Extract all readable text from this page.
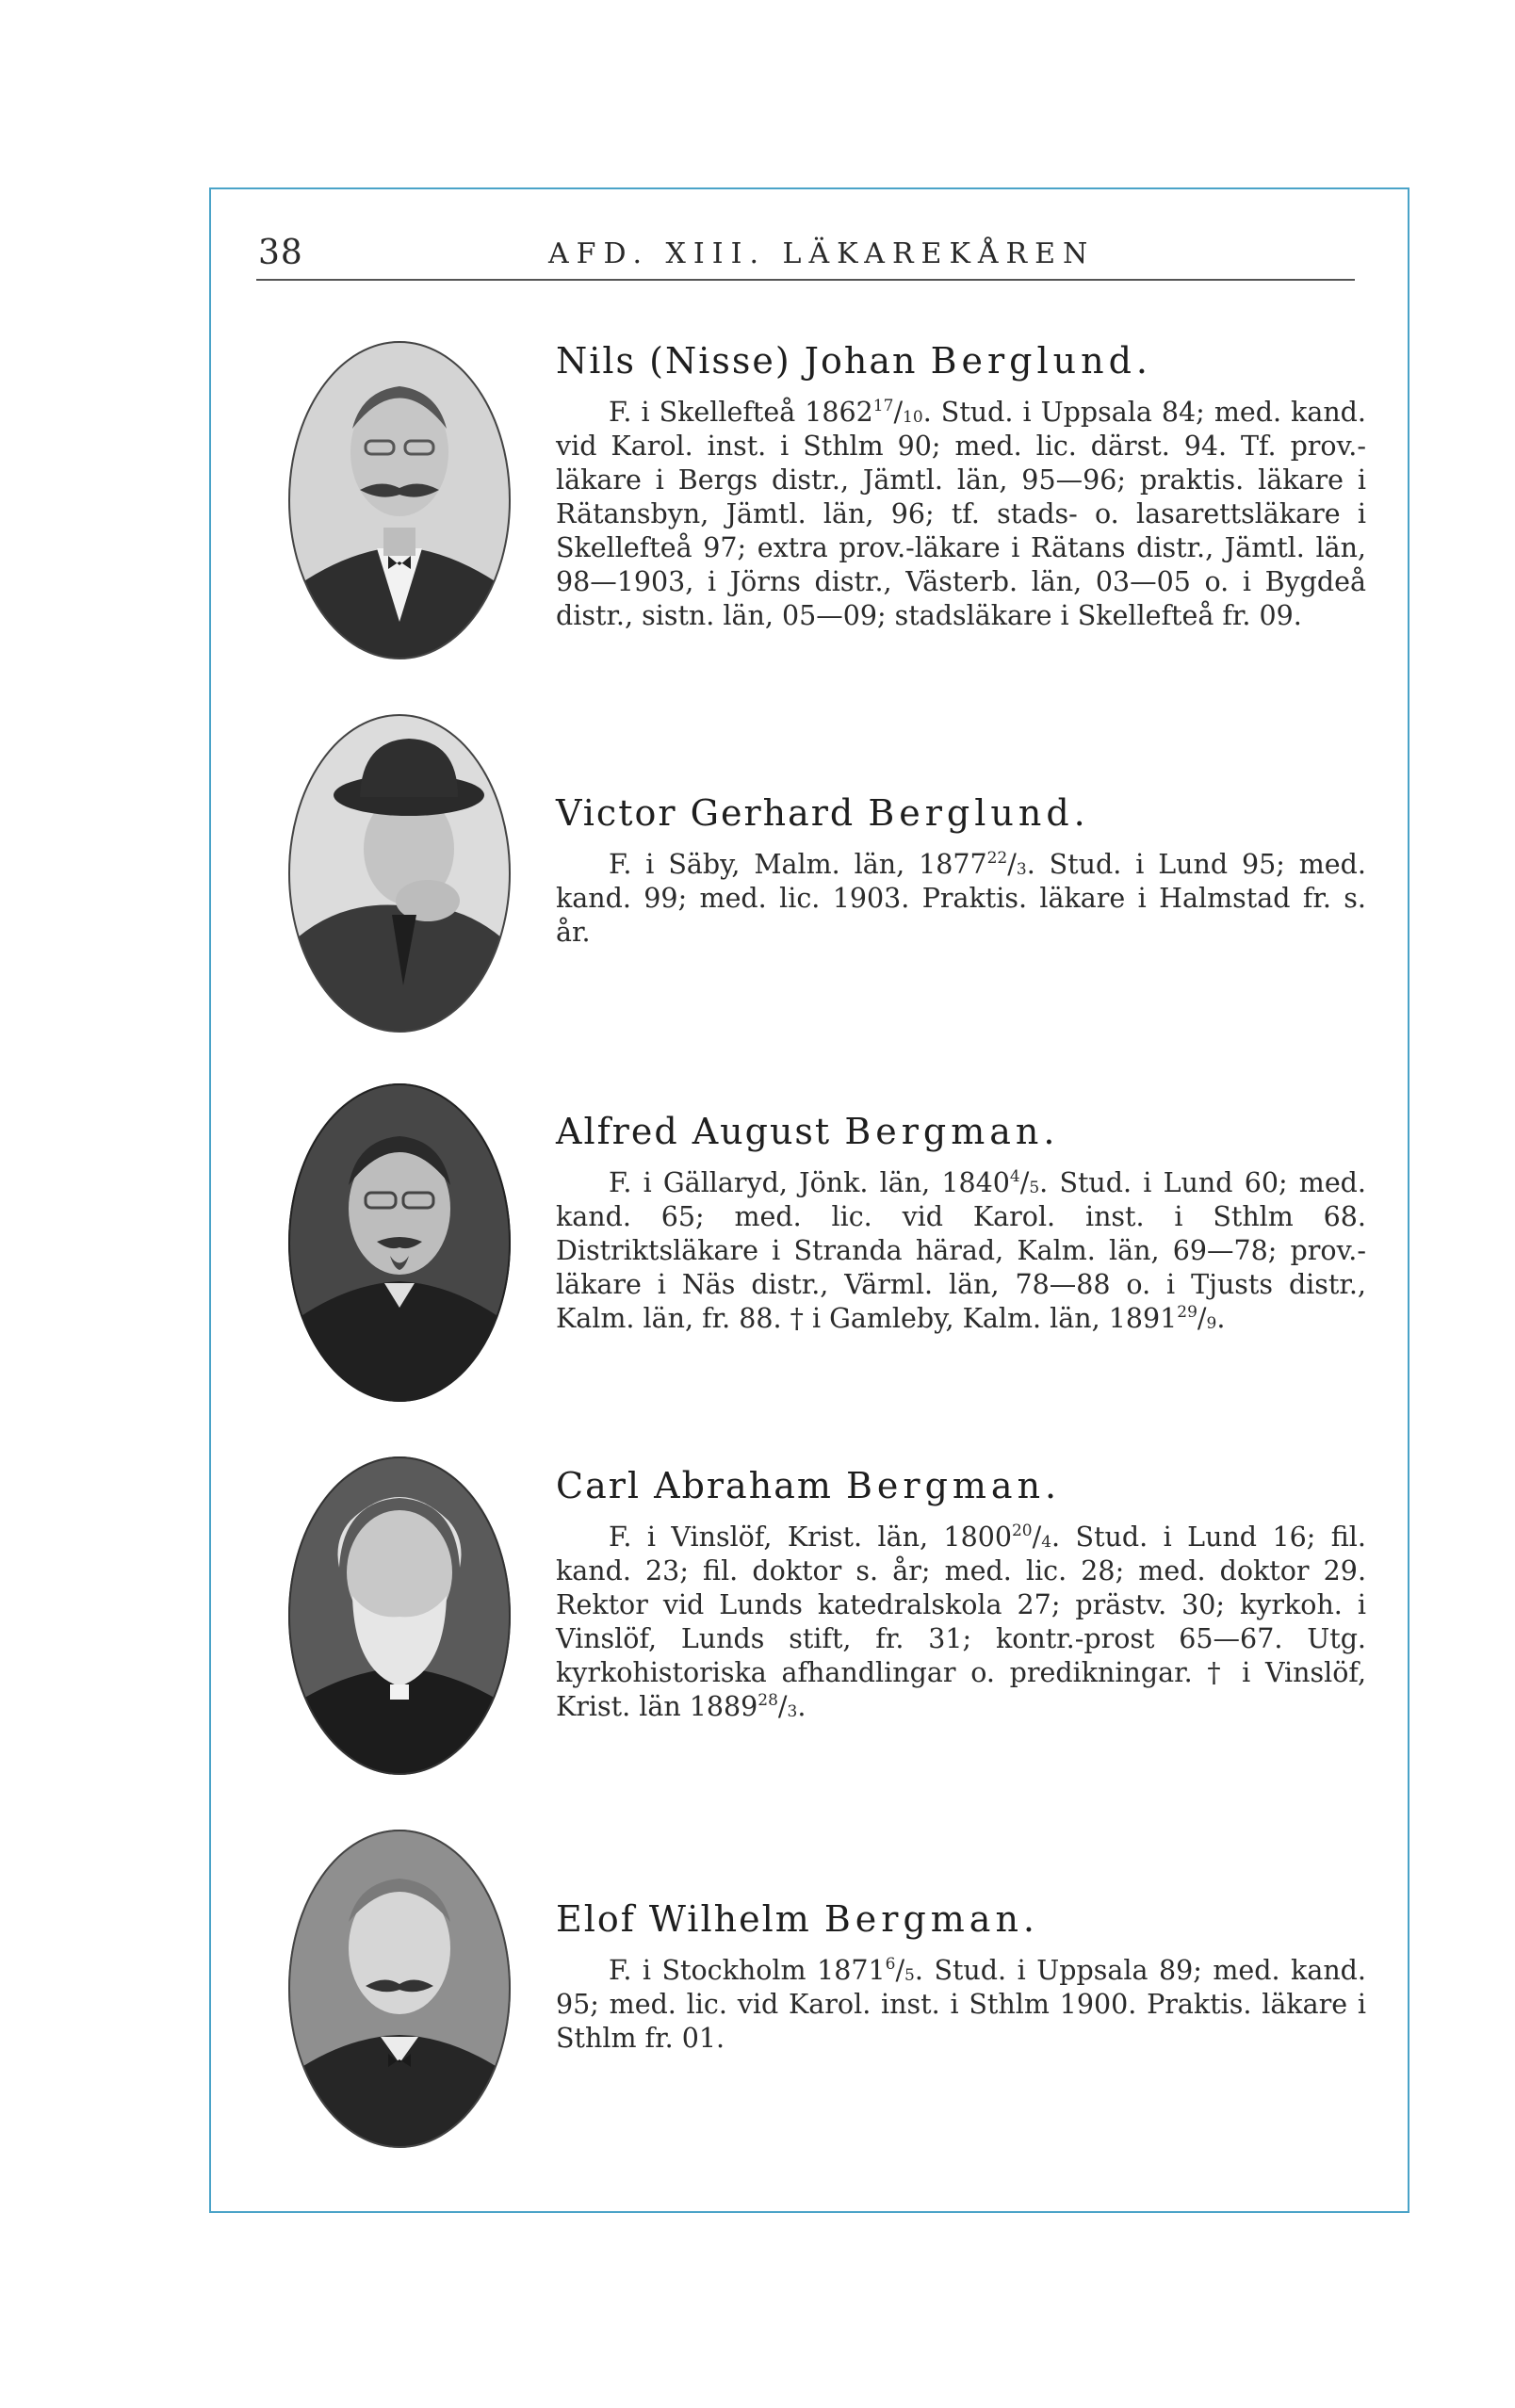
38	AFD. XIII. LÄKAREKÅREN
Nils (Nisse) Johan Berglund.

F. i Skellefteå $1862^{17}/_{10}$. Stud. i Uppsala 84; med. kand. vid Karol. inst. i Sthlm 90; med. lic. därst. 94. Tf. prov.-läkare i Bergs distr., Jämtl. län, 95—96; praktis. läkare i Rätansbyn, Jämtl. län, 96; tf. stads- o. lasarettsläkare i Skellefteå 97; extra prov.-läkare i Rätans distr., Jämtl. län, 98—1903, i Jörns distr., Västerb. län, 03—05 o. i Bygdeå distr., sistn. län, 05—09; stadsläkare i Skellefteå fr. 09.

Victor Gerhard Berglund.

F. i Säby, Malm. län, $1877^{22}/_3$. Stud. i Lund 95; med. kand. 99; med. lic. 1903. Praktis. läkare i Halmstad fr. s. år.

Alfred August Bergman.

F. i Gällaryd, Jönk. län, $1840^4/_5$. Stud. i Lund 60; med. kand. 65; med. lic. vid Karol. inst. i Sthlm 68. Distriktsläkare i Stranda härad, Kalm. län, 69—78; prov.-läkare i Näs distr., Värml. län, 78—88 o. i Tjusts distr., Kalm. län, fr. 88. † i Gamleby, Kalm. län, $1891^{29}/_9$.

Carl Abraham Bergman.

F. i Vinslöf, Krist. län, $1800^{20}/_4$. Stud. i Lund 16; fil. kand. 23; fil. doktor s. år; med. lic. 28; med. doktor 29. Rektor vid Lunds katedralskola 27; prästv. 30; kyrkoh. i Vinslöf, Lunds stift, fr. 31; kontr.-prost 65—67. Utg. kyrkohistoriska afhandlingar o. predikningar. † i Vinslöf, Krist. län $1889^{28}/_3$.

Elof Wilhelm Bergman.

F. i Stockholm $1871^6/_5$. Stud. i Uppsala 89; med. kand. 95; med. lic. vid Karol. inst. i Sthlm 1900. Praktis. läkare i Sthlm fr. 01.
